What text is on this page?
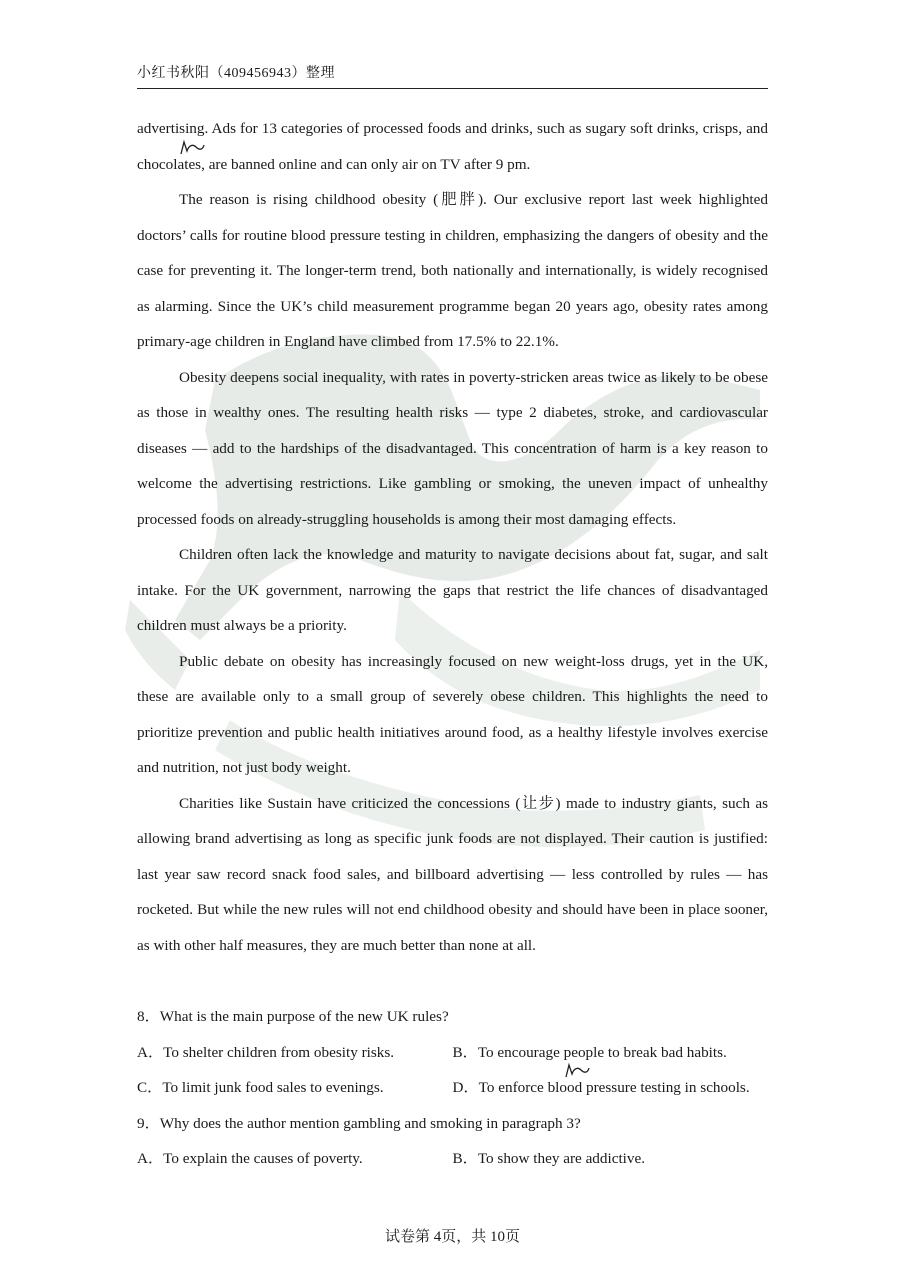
小红书秋阳（409456943）整理

advertising. Ads for 13 categories of processed foods and drinks, such as sugary soft drinks, crisps, and chocolates, are banned online and can only air on TV after 9 pm.

The reason is rising childhood obesity (肥胖). Our exclusive report last week highlighted doctors’ calls for routine blood pressure testing in children, emphasizing the dangers of obesity and the case for preventing it. The longer-term trend, both nationally and internationally, is widely recognised as alarming. Since the UK’s child measurement programme began 20 years ago, obesity rates among primary-age children in England have climbed from 17.5% to 22.1%.

Obesity deepens social inequality, with rates in poverty-stricken areas twice as likely to be obese as those in wealthy ones. The resulting health risks — type 2 diabetes, stroke, and cardiovascular diseases — add to the hardships of the disadvantaged. This concentration of harm is a key reason to welcome the advertising restrictions. Like gambling or smoking, the uneven impact of unhealthy processed foods on already-struggling households is among their most damaging effects.

Children often lack the knowledge and maturity to navigate decisions about fat, sugar, and salt intake. For the UK government, narrowing the gaps that restrict the life chances of disadvantaged children must always be a priority.

Public debate on obesity has increasingly focused on new weight-loss drugs, yet in the UK, these are available only to a small group of severely obese children. This highlights the need to prioritize prevention and public health initiatives around food, as a healthy lifestyle involves exercise and nutrition, not just body weight.

Charities like Sustain have criticized the concessions (让步) made to industry giants, such as allowing brand advertising as long as specific junk foods are not displayed. Their caution is justified: last year saw record snack food sales, and billboard advertising — less controlled by rules — has rocketed. But while the new rules will not end childhood obesity and should have been in place sooner, as with other half measures, they are much better than none at all.

8．What is the main purpose of the new UK rules?

A．To shelter children from obesity risks.	B．To encourage people to break bad habits.
C．To limit junk food sales to evenings.	D．To enforce blood pressure testing in schools.

9．Why does the author mention gambling and smoking in paragraph 3?

A．To explain the causes of poverty.	B．To show they are addictive.
试卷第 4页，共 10页
